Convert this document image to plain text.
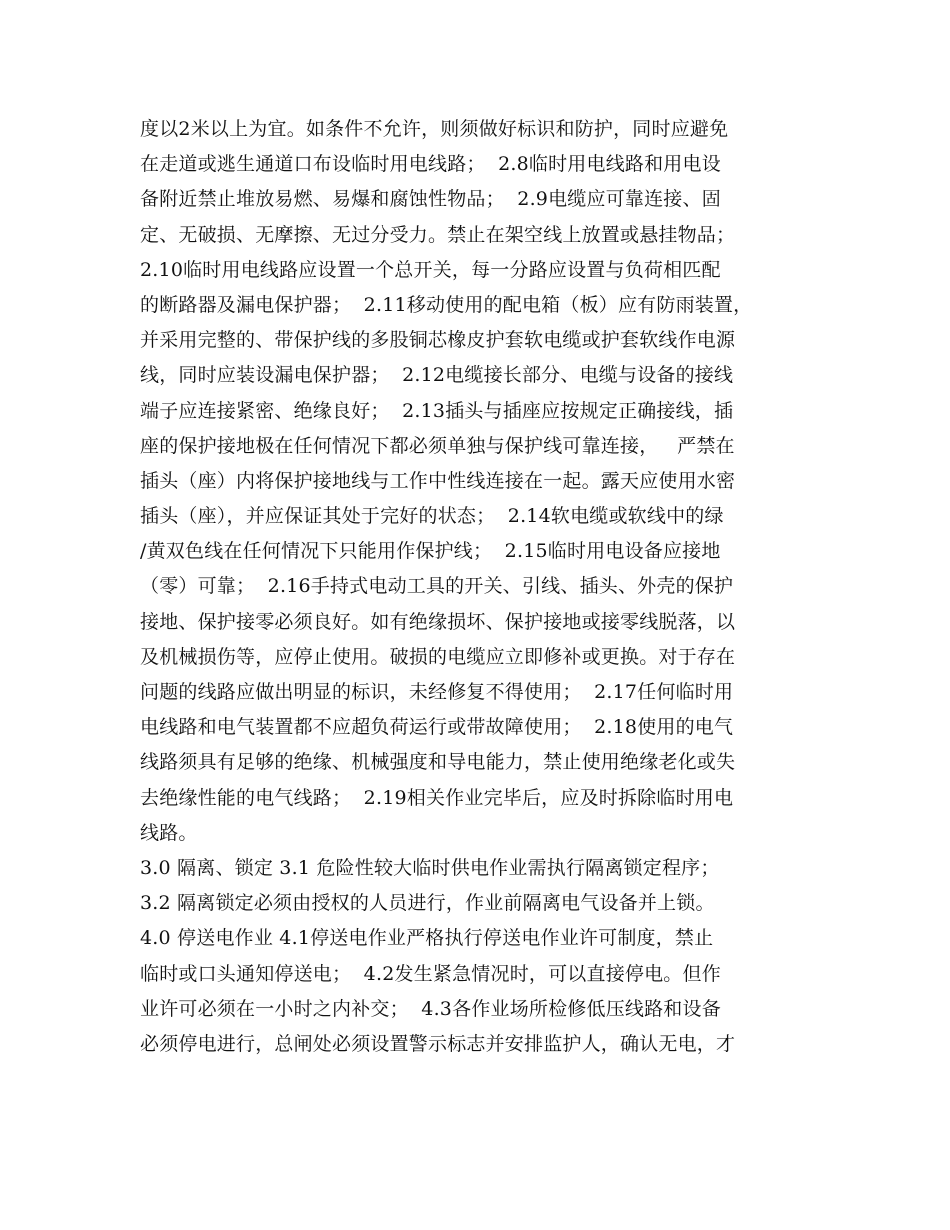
度以2米以上为宜。如条件不允许，则须做好标识和防护，同时应避免
在走道或逃生通道口布设临时用电线路；  2.8临时用电线路和用电设
备附近禁止堆放易燃、易爆和腐蚀性物品；  2.9电缆应可靠连接、固
定、无破损、无摩擦、无过分受力。禁止在架空线上放置或悬挂物品；
2.10临时用电线路应设置一个总开关，每一分路应设置与负荷相匹配
的断路器及漏电保护器；  2.11移动使用的配电箱（板）应有防雨装置，
并采用完整的、带保护线的多股铜芯橡皮护套软电缆或护套软线作电源
线，同时应装设漏电保护器；  2.12电缆接长部分、电缆与设备的接线
端子应连接紧密、绝缘良好；  2.13插头与插座应按规定正确接线，插
座的保护接地极在任何情况下都必须单独与保护线可靠连接，   严禁在
插头（座）内将保护接地线与工作中性线连接在一起。露天应使用水密
插头（座），并应保证其处于完好的状态；  2.14软电缆或软线中的绿
/黄双色线在任何情况下只能用作保护线；  2.15临时用电设备应接地
（零）可靠；  2.16手持式电动工具的开关、引线、插头、外壳的保护
接地、保护接零必须良好。如有绝缘损坏、保护接地或接零线脱落，以
及机械损伤等，应停止使用。破损的电缆应立即修补或更换。对于存在
问题的线路应做出明显的标识，未经修复不得使用；  2.17任何临时用
电线路和电气装置都不应超负荷运行或带故障使用；  2.18使用的电气
线路须具有足够的绝缘、机械强度和导电能力，禁止使用绝缘老化或失
去绝缘性能的电气线路；  2.19相关作业完毕后，应及时拆除临时用电
线路。
3.0 隔离、锁定 3.1 危险性较大临时供电作业需执行隔离锁定程序；
3.2 隔离锁定必须由授权的人员进行，作业前隔离电气设备并上锁。
4.0 停送电作业 4.1停送电作业严格执行停送电作业许可制度，禁止
临时或口头通知停送电；  4.2发生紧急情况时，可以直接停电。但作
业许可必须在一小时之内补交；  4.3各作业场所检修低压线路和设备
必须停电进行，总闸处必须设置警示标志并安排监护人，确认无电，才
